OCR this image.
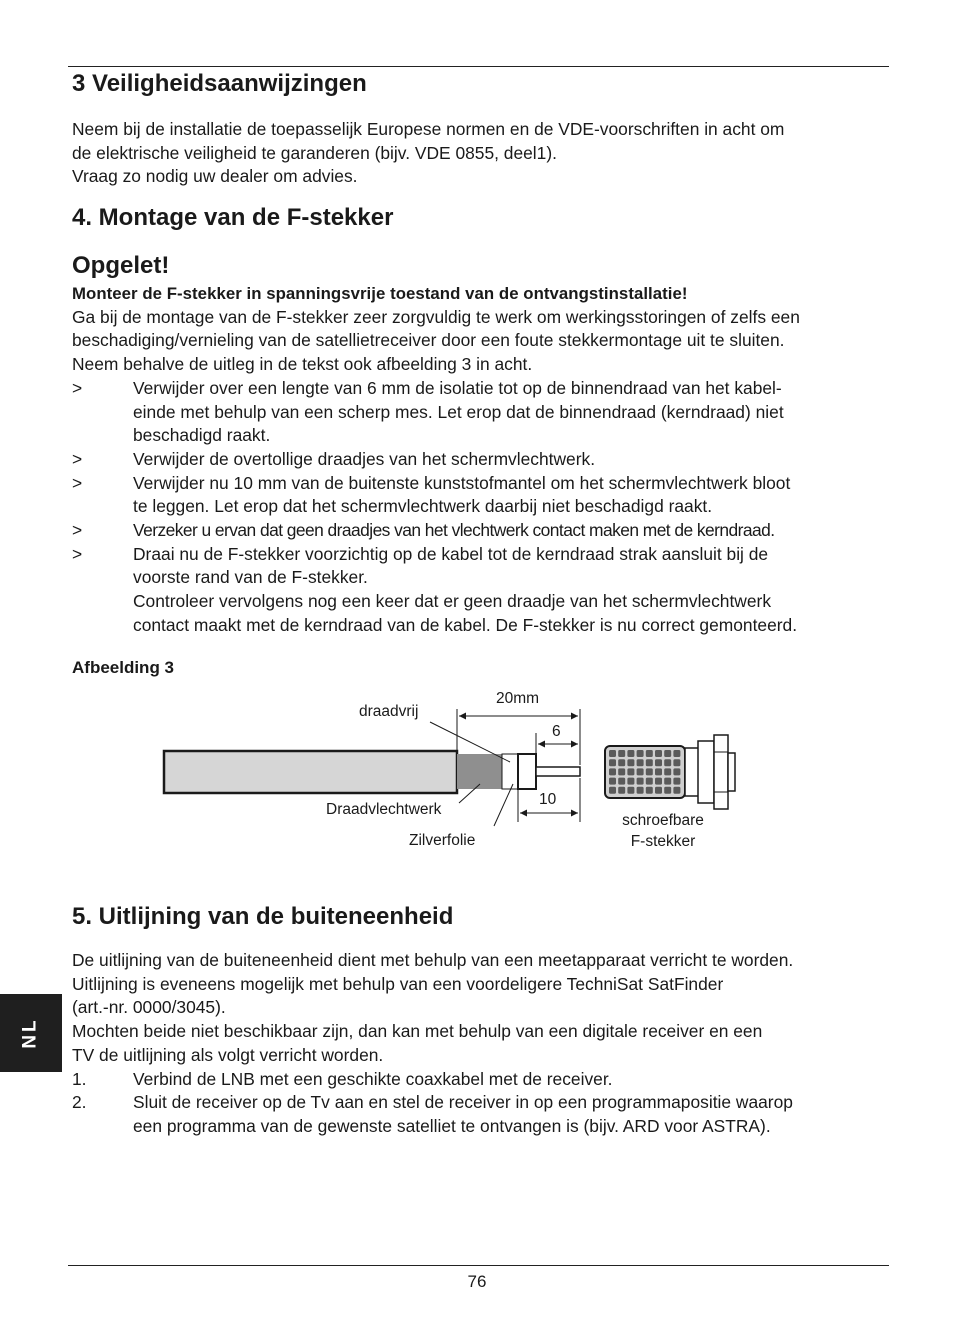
3 Veiligheidsaanwijzingen

Neem bij de installatie de toepasselijk Europese normen en de VDE-voorschriften in acht om

de elektrische veiligheid te garanderen (bijv. VDE 0855, deel1).

Vraag zo nodig uw dealer om advies.

4. Montage van de F-stekker
Opgelet!

Monteer de F-stekker in spanningsvrije toestand van de ontvangstinstallatie!

Ga bij de montage van de F-stekker zeer zorgvuldig te werk om werkingsstoringen of zelfs een

beschadiging/vernieling van de satellietreceiver door een foute stekkermontage uit te sluiten.

Neem behalve de uitleg in de tekst ook afbeelding 3 in acht.

>	Verwijder over een lengte van 6 mm de isolatie tot op de binnendraad van het kabel-

einde met behulp van een scherp mes. Let erop dat de binnendraad (kerndraad) niet

beschadigd raakt.

>	Verwijder de overtollige draadjes van het schermvlechtwerk.

>	Verwijder nu 10 mm van de buitenste kunststofmantel om het schermvlechtwerk bloot

te leggen. Let erop dat het schermvlechtwerk daarbij niet beschadigd raakt.

>	Verzeker u ervan dat geen draadjes van het vlechtwerk contact maken met de kerndraad.

>	Draai nu de F-stekker voorzichtig op de kabel tot de kerndraad strak aansluit bij de

voorste rand van de F-stekker.

Controleer vervolgens nog een keer dat er geen draadje van het schermvlechtwerk

contact maakt met de kerndraad van de kabel. De F-stekker is nu correct gemonteerd.

Afbeelding 3
20mm
draadvrij
6
10
Draadvlechtwerk
Zilverfolie
schroefbare
F-stekker
5. Uitlijning van de buiteneenheid

De uitlijning van de buiteneenheid dient met behulp van een meetapparaat verricht te worden.

Uitlijning is eveneens mogelijk met behulp van een voordeligere TechniSat SatFinder

(art.-nr. 0000/3045).

Mochten beide niet beschikbaar zijn, dan kan met behulp van een digitale receiver en een

TV de uitlijning als volgt verricht worden.

1.	Verbind de LNB met een geschikte coaxkabel met de receiver.

2.	Sluit de receiver op de Tv aan en stel de receiver in op een programmapositie waarop

een programma van de gewenste satelliet te ontvangen is (bijv. ARD voor ASTRA).

NL
76
